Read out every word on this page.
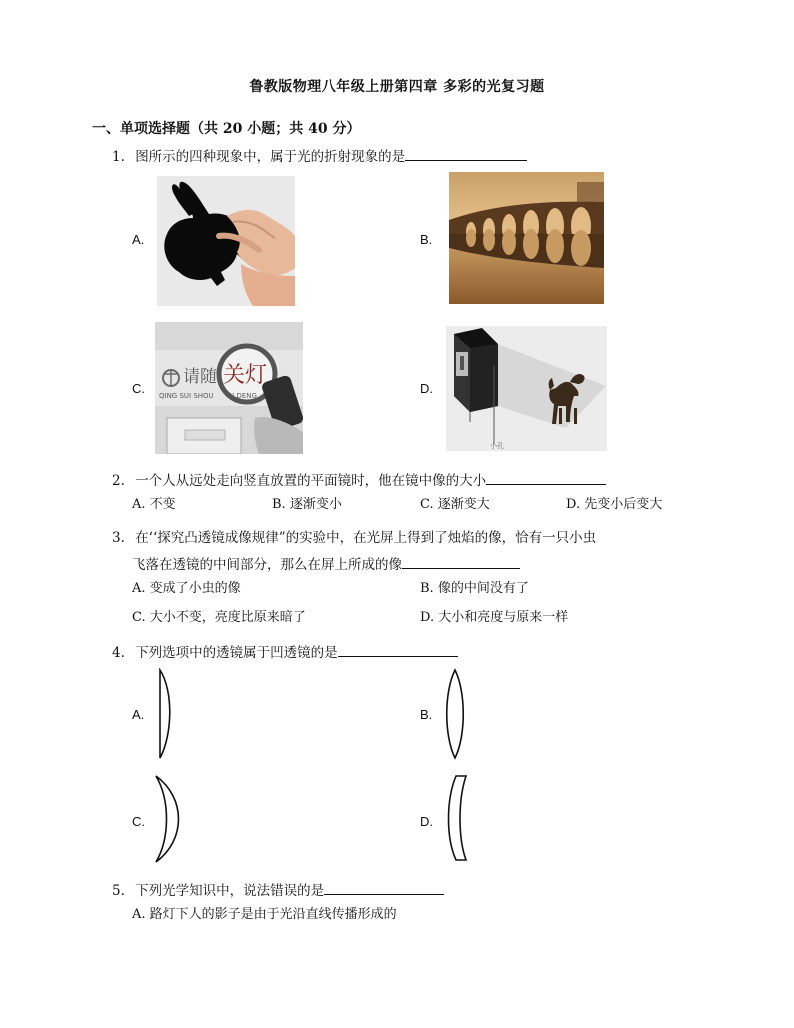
鲁教版物理八年级上册第四章 多彩的光复习题
一、单项选择题（共 20 小题；共 40 分）
1. 图所示的四种现象中，属于光的折射现象的是
A.	B.
C.	D.
请随 关灯
QING SUI SHOU N DENG
小孔
2. 一个人从远处走向竖直放置的平面镜时，他在镜中像的大小
A. 不变	B. 逐渐变小	C. 逐渐变大	D. 先变小后变大
3. 在‘‘探究凸透镜成像规律”的实验中，在光屏上得到了烛焰的像，恰有一只小虫
飞落在透镜的中间部分，那么在屏上所成的像
A. 变成了小虫的像	B. 像的中间没有了
C. 大小不变，亮度比原来暗了	D. 大小和亮度与原来一样
4. 下列选项中的透镜属于凹透镜的是
A.	B.
C.	D.
5. 下列光学知识中，说法错误的是
A. 路灯下人的影子是由于光沿直线传播形成的
